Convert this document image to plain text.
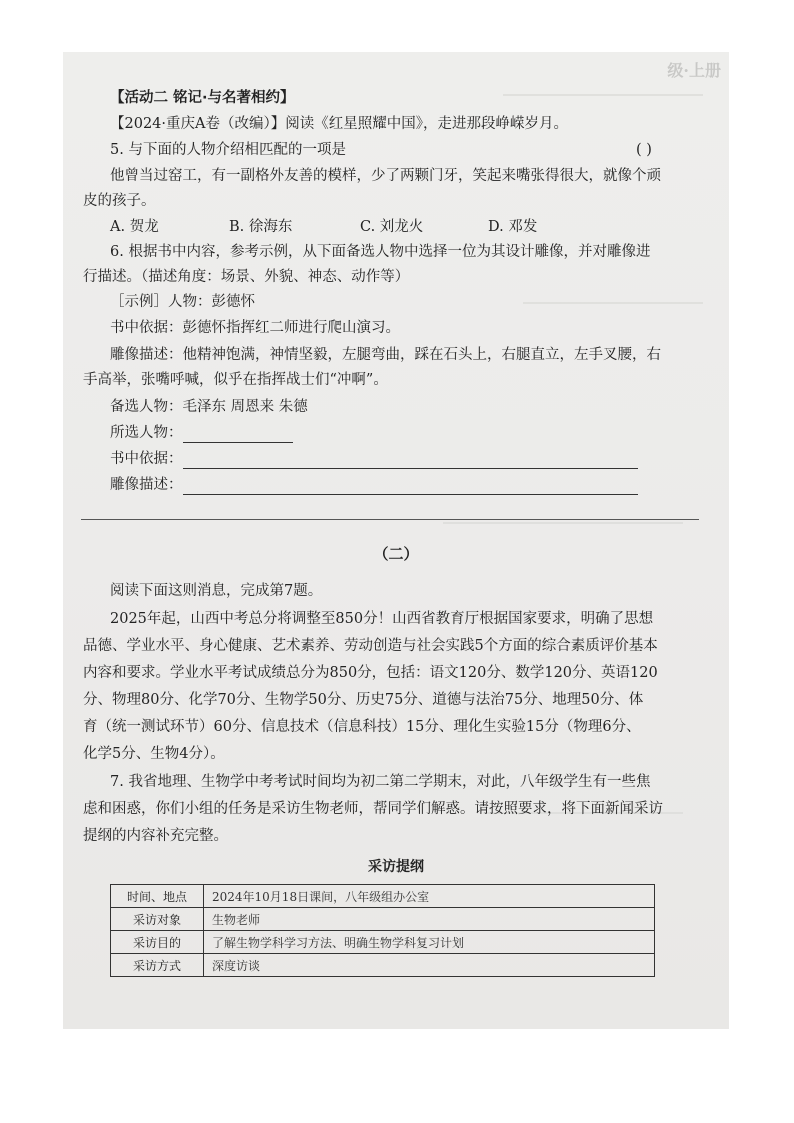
级·上册
【活动二 铭记·与名著相约】
【2024·重庆A卷（改编）】阅读《红星照耀中国》，走进那段峥嵘岁月。
5. 与下面的人物介绍相匹配的一项是	( )
他曾当过窑工，有一副格外友善的模样，少了两颗门牙，笑起来嘴张得很大，就像个顽
皮的孩子。
A. 贺龙	B. 徐海东	C. 刘龙火	D. 邓发
6. 根据书中内容，参考示例，从下面备选人物中选择一位为其设计雕像，并对雕像进
行描述。（描述角度：场景、外貌、神态、动作等）
［示例］人物：彭德怀
书中依据：彭德怀指挥红二师进行爬山演习。
雕像描述：他精神饱满，神情坚毅，左腿弯曲，踩在石头上，右腿直立，左手叉腰，右
手高举，张嘴呼喊，似乎在指挥战士们“冲啊”。
备选人物：毛泽东 周恩来 朱德
所选人物：
书中依据：
雕像描述：
（二）
阅读下面这则消息，完成第7题。
2025年起，山西中考总分将调整至850分！山西省教育厅根据国家要求，明确了思想
品德、学业水平、身心健康、艺术素养、劳动创造与社会实践5个方面的综合素质评价基本
内容和要求。学业水平考试成绩总分为850分，包括：语文120分、数学120分、英语120
分、物理80分、化学70分、生物学50分、历史75分、道德与法治75分、地理50分、体
育（统一测试环节）60分、信息技术（信息科技）15分、理化生实验15分（物理6分、
化学5分、生物4分）。
7. 我省地理、生物学中考考试时间均为初二第二学期末，对此，八年级学生有一些焦
虑和困惑，你们小组的任务是采访生物老师，帮同学们解惑。请按照要求，将下面新闻采访
提纲的内容补充完整。
采访提纲
时间、地点	2024年10月18日课间，八年级组办公室
采访对象	生物老师
采访目的	了解生物学科学习方法、明确生物学科复习计划
采访方式	深度访谈
